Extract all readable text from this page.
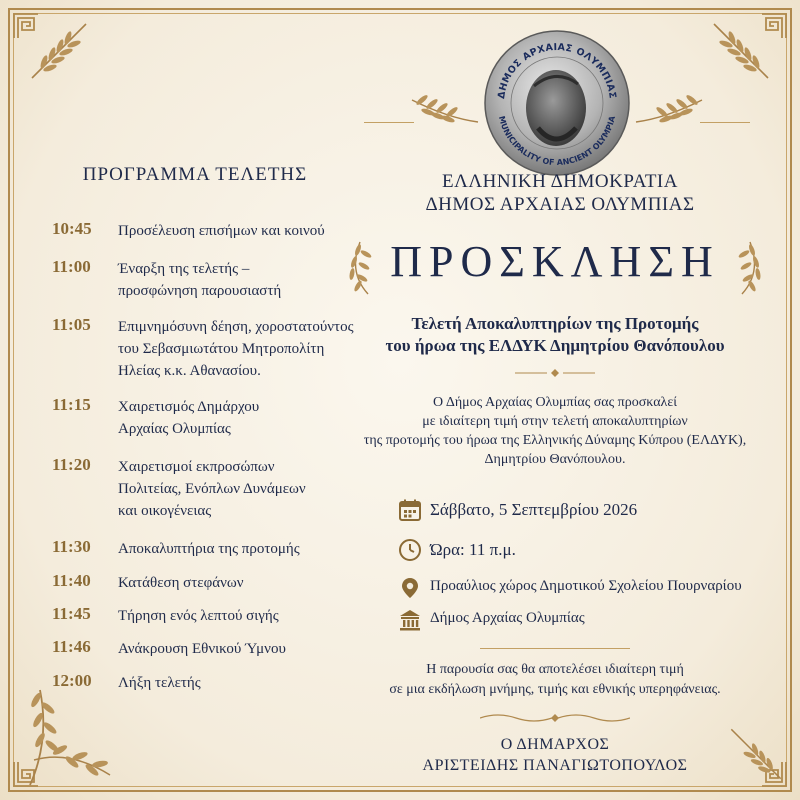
ΠΡΟΓΡΑΜΜΑ ΤΕΛΕΤΗΣ
10:45	Προσέλευση επισήμων και κοινού
11:00	Έναρξη της τελετής –
προσφώνηση παρουσιαστή
11:05	Επιμνημόσυνη δέηση, χοροστατούντος
του Σεβασμιωτάτου Μητροπολίτη
Ηλείας κ.κ. Αθανασίου.
11:15	Χαιρετισμός Δημάρχου
Αρχαίας Ολυμπίας
11:20	Χαιρετισμοί εκπροσώπων
Πολιτείας, Ενόπλων Δυνάμεων
και οικογένειας
11:30	Αποκαλυπτήρια της προτομής
11:40	Κατάθεση στεφάνων
11:45	Τήρηση ενός λεπτού σιγής
11:46	Ανάκρουση Εθνικού Ύμνου
12:00	Λήξη τελετής
ΔΗΜΟΣ ΑΡΧΑΙΑΣ ΟΛΥΜΠΙΑΣ
MUNICIPALITY OF ANCIENT OLYMPIA
ΕΛΛΗΝΙΚΗ ΔΗΜΟΚΡΑΤΙΑ
ΔΗΜΟΣ ΑΡΧΑΙΑΣ ΟΛΥΜΠΙΑΣ
ΠΡΟΣΚΛΗΣΗ
Τελετή Αποκαλυπτηρίων της Προτομής
του ήρωα της ΕΛΔΥΚ Δημητρίου Θανόπουλου
Ο Δήμος Αρχαίας Ολυμπίας σας προσκαλεί
με ιδιαίτερη τιμή στην τελετή αποκαλυπτηρίων
της προτομής του ήρωα της Ελληνικής Δύναμης Κύπρου (ΕΛΔΥΚ),
Δημητρίου Θανόπουλου.
Σάββατο, 5 Σεπτεμβρίου 2026
Ώρα: 11 π.μ.
Προαύλιος χώρος Δημοτικού Σχολείου Πουρναρίου
Δήμος Αρχαίας Ολυμπίας
Η παρουσία σας θα αποτελέσει ιδιαίτερη τιμή
σε μια εκδήλωση μνήμης, τιμής και εθνικής υπερηφάνειας.
Ο ΔΗΜΑΡΧΟΣ
ΑΡΙΣΤΕΙΔΗΣ ΠΑΝΑΓΙΩΤΟΠΟΥΛΟΣ
